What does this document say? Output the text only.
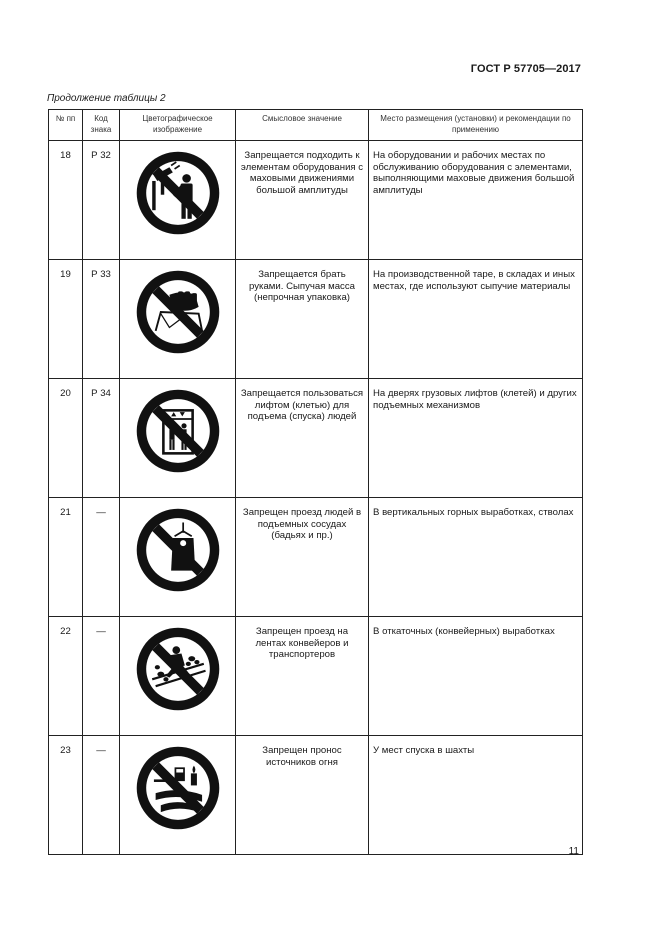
ГОСТ Р 57705—2017
Продолжение таблицы 2
№ пп	Код знака	Цветографическое изображение	Смысловое значение	Место размещения (установки) и рекомендации по применению
18	Р 32		Запрещается подходить к элементам оборудования с маховыми движениями большой амплитуды	На оборудовании и рабочих местах по обслуживанию оборудования с элементами, выполняющими маховые движения большой амплитуды
19	Р 33		Запрещается брать руками. Сыпучая масса (непрочная упаковка)	На производственной таре, в складах и иных местах, где используют сыпучие материалы
20	Р 34		Запрещается пользоваться лифтом (клетью) для подъема (спуска) людей	На дверях грузовых лифтов (клетей) и других подъемных механизмов
21	—		Запрещен проезд людей в подъемных сосудах (бадьях и пр.)	В вертикальных горных выработках, стволах
22	—		Запрещен проезд на лентах конвейеров и транспортеров	В откаточных (конвейерных) выработках
23	—		Запрещен пронос источников огня	У мест спуска в шахты
11
